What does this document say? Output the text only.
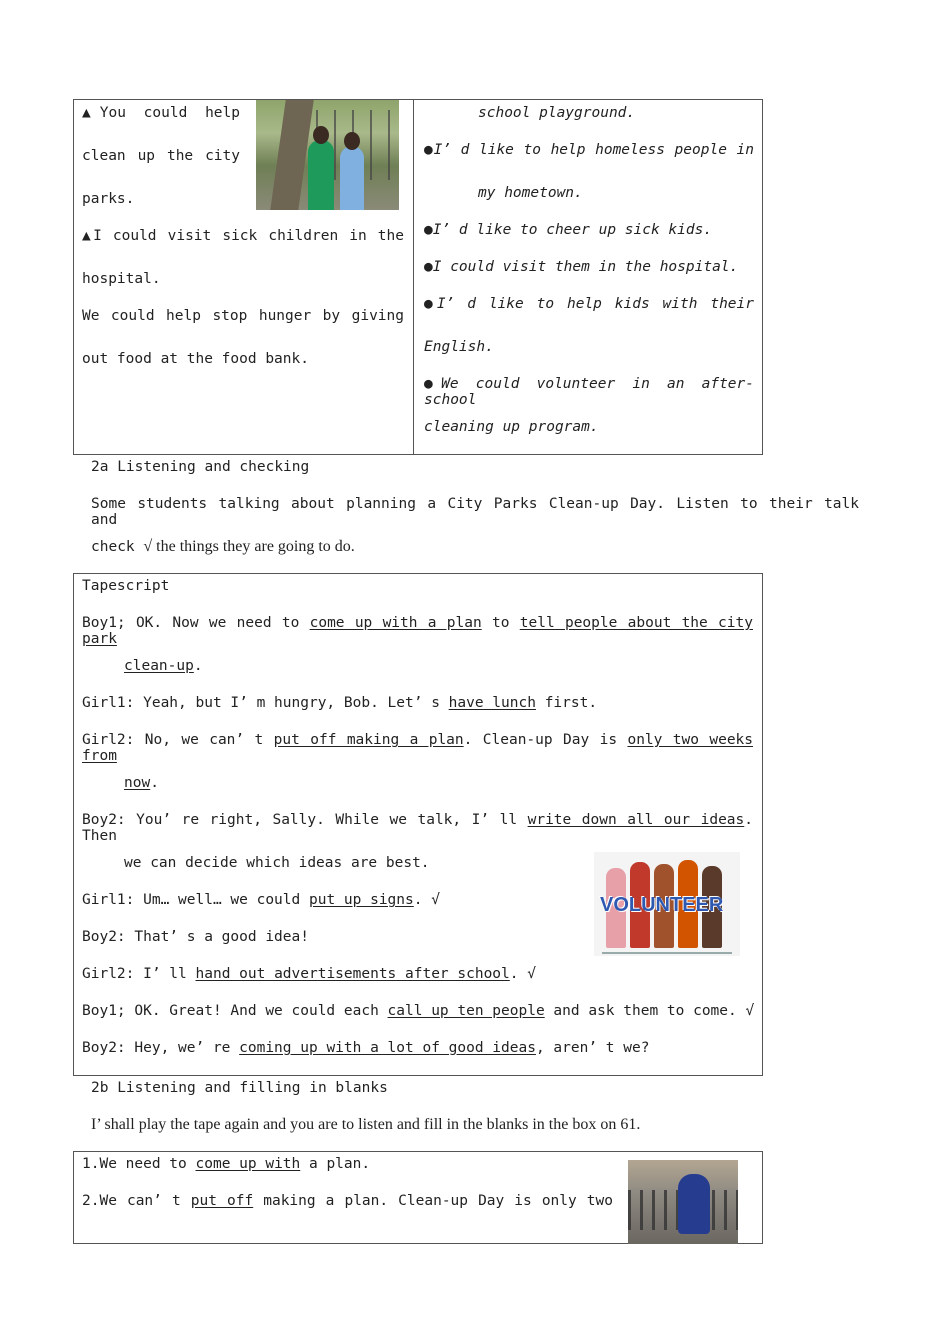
▲You could help
clean up the city
parks.
▲I could visit sick children in the
hospital.
We could help stop hunger by giving
out food at the food bank.
school playground.
●I’ d like to help homeless people in
my hometown.
●I’ d like to cheer up sick kids.
●I could visit them in the hospital.
●I’ d like to help kids with their
English.
●We could volunteer in an after-school
cleaning up program.
2a Listening and checking
Some students talking about planning a City Parks Clean-up Day. Listen to their talk and
check √ the things they are going to do.
VOLUNTEER
Tapescript
Boy1; OK. Now we need to come up with a plan to tell people about the city park
clean-up.
Girl1: Yeah, but I’ m hungry, Bob. Let’ s have lunch first.
Girl2: No, we can’ t put off making a plan. Clean-up Day is only two weeks from
now.
Boy2: You’ re right, Sally. While we talk, I’ ll write down all our ideas. Then
we can decide which ideas are best.
Girl1: Um… well… we could put up signs. √
Boy2: That’ s a good idea!
Girl2: I’ ll hand out advertisements after school. √
Boy1; OK. Great! And we could each call up ten people and ask them to come. √
Boy2: Hey, we’ re coming up with a lot of good ideas, aren’ t we?
2b Listening and filling in blanks
I’ shall play the tape again and you are to listen and fill in the blanks in the box on 61.
1.We need to come up with a plan.
2.We can’ t put off making a plan. Clean-up Day is only two
